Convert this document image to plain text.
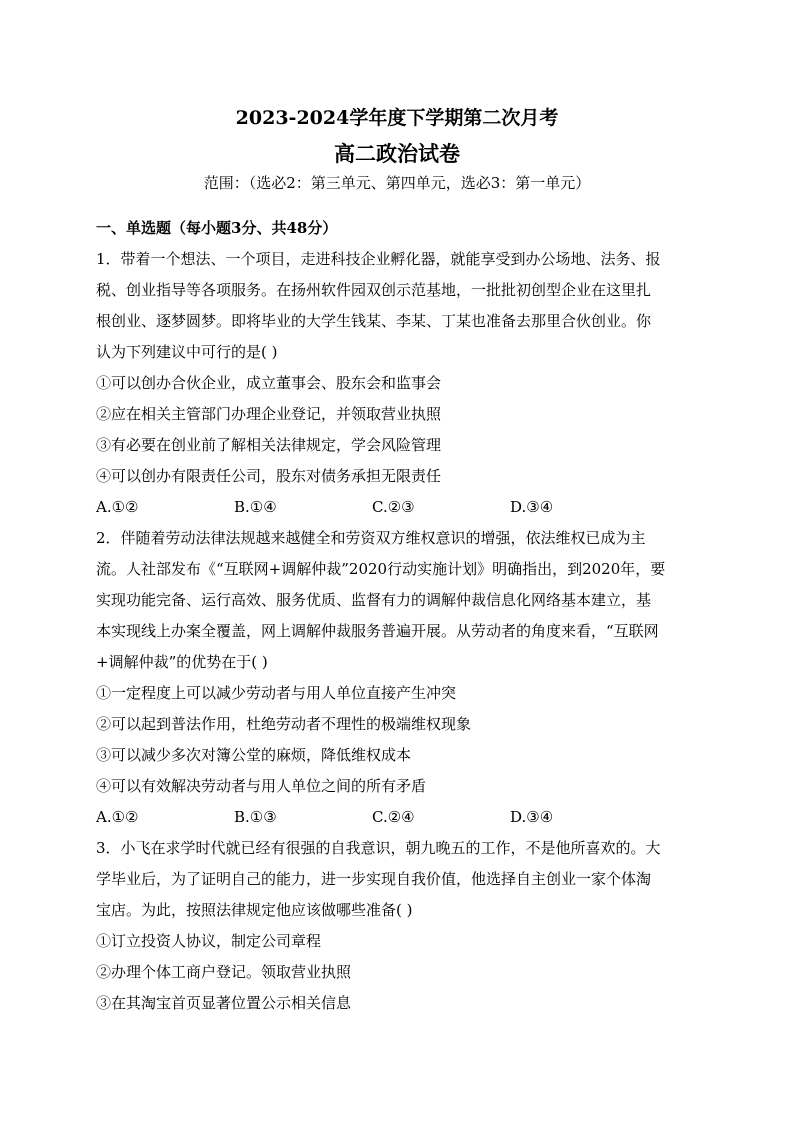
2023-2024学年度下学期第二次月考
高二政治试卷
范围：（选必2：第三单元、第四单元，选必3：第一单元）
一、单选题（每小题3分、共48分）
1．带着一个想法、一个项目，走进科技企业孵化器，就能享受到办公场地、法务、报
税、创业指导等各项服务。在扬州软件园双创示范基地，一批批初创型企业在这里扎
根创业、逐梦圆梦。即将毕业的大学生钱某、李某、丁某也准备去那里合伙创业。你
认为下列建议中可行的是( )
①可以创办合伙企业，成立董事会、股东会和监事会
②应在相关主管部门办理企业登记，并领取营业执照
③有必要在创业前了解相关法律规定，学会风险管理
④可以创办有限责任公司，股东对债务承担无限责任
A.①②	B.①④	C.②③	D.③④
2．伴随着劳动法律法规越来越健全和劳资双方维权意识的增强，依法维权已成为主
流。人社部发布《“互联网+调解仲裁”2020行动实施计划》明确指出，到2020年，要
实现功能完备、运行高效、服务优质、监督有力的调解仲裁信息化网络基本建立，基
本实现线上办案全覆盖，网上调解仲裁服务普遍开展。从劳动者的角度来看，“互联网
+调解仲裁”的优势在于( )
①一定程度上可以减少劳动者与用人单位直接产生冲突
②可以起到普法作用，杜绝劳动者不理性的极端维权现象
③可以减少多次对簿公堂的麻烦，降低维权成本
④可以有效解决劳动者与用人单位之间的所有矛盾
A.①②	B.①③	C.②④	D.③④
3．小飞在求学时代就已经有很强的自我意识，朝九晚五的工作，不是他所喜欢的。大
学毕业后，为了证明自己的能力，进一步实现自我价值，他选择自主创业一家个体淘
宝店。为此，按照法律规定他应该做哪些准备( )
①订立投资人协议，制定公司章程
②办理个体工商户登记。领取营业执照
③在其淘宝首页显著位置公示相关信息
